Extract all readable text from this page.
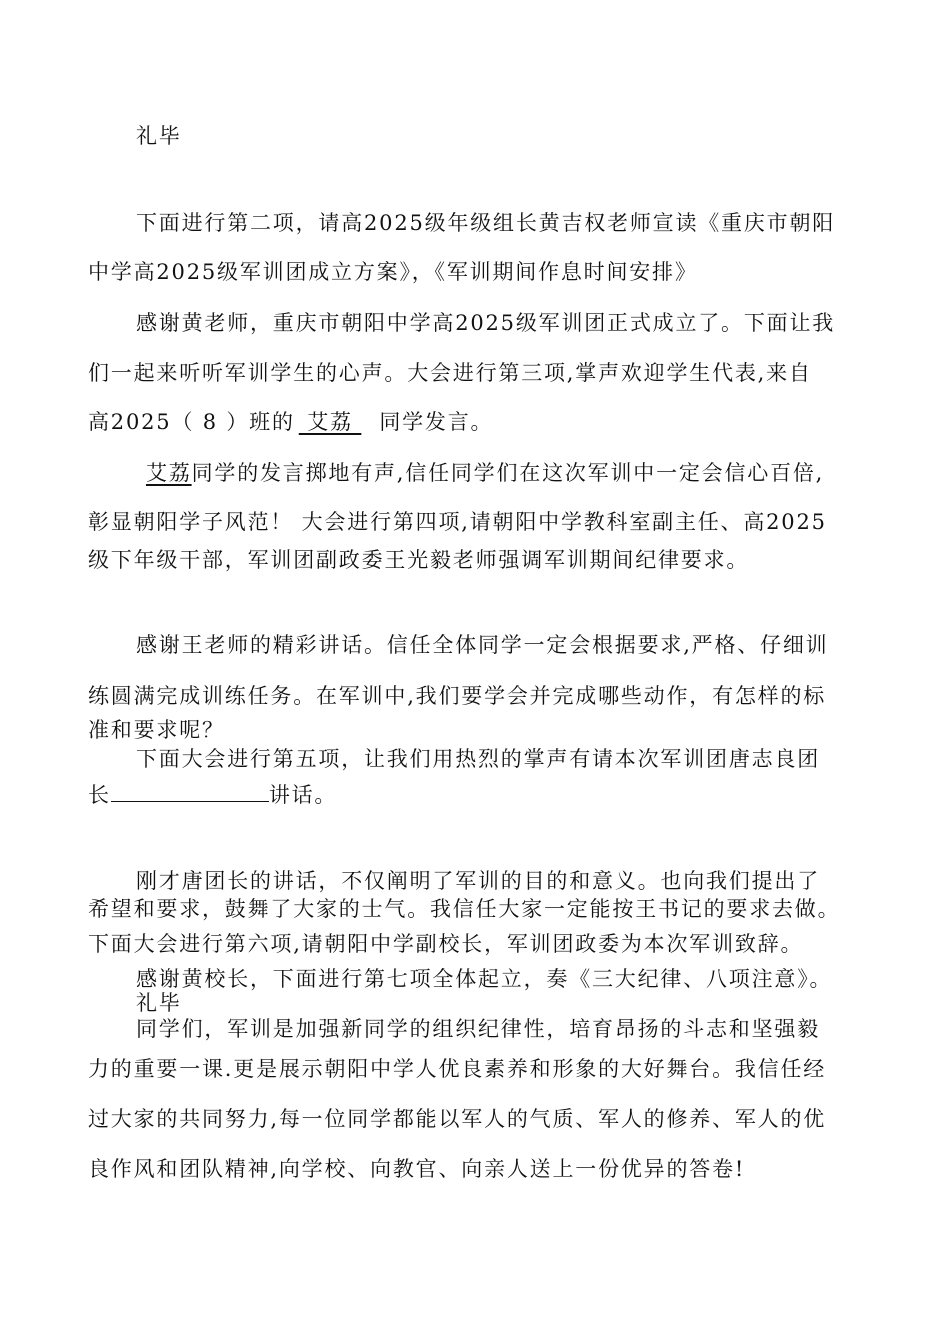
礼毕
下面进行第二项，请高2025级年级组长黄吉权老师宣读《重庆市朝阳
中学高2025级军训团成立方案》，《军训期间作息时间安排》
感谢黄老师，重庆市朝阳中学高2025级军训团正式成立了。下面让我
们一起来听听军训学生的心声。大会进行第三项,掌声欢迎学生代表,来自
高2025（ 8 ）班的 艾荔 同学发言。
艾荔同学的发言掷地有声,信任同学们在这次军训中一定会信心百倍,
彰显朝阳学子风范！ 大会进行第四项,请朝阳中学教科室副主任、高2025
级下年级干部，军训团副政委王光毅老师强调军训期间纪律要求。
感谢王老师的精彩讲话。信任全体同学一定会根据要求,严格、仔细训
练圆满完成训练任务。在军训中,我们要学会并完成哪些动作，有怎样的标
准和要求呢？
下面大会进行第五项，让我们用热烈的掌声有请本次军训团唐志良团
长	讲话。
刚才唐团长的讲话，不仅阐明了军训的目的和意义。也向我们提出了
希望和要求，鼓舞了大家的士气。我信任大家一定能按王书记的要求去做。
下面大会进行第六项,请朝阳中学副校长，军训团政委为本次军训致辞。
感谢黄校长，下面进行第七项全体起立，奏《三大纪律、八项注意》。
礼毕
同学们，军训是加强新同学的组织纪律性，培育昂扬的斗志和坚强毅
力的重要一课.更是展示朝阳中学人优良素养和形象的大好舞台。我信任经
过大家的共同努力,每一位同学都能以军人的气质、军人的修养、军人的优
良作风和团队精神,向学校、向教官、向亲人送上一份优异的答卷!
